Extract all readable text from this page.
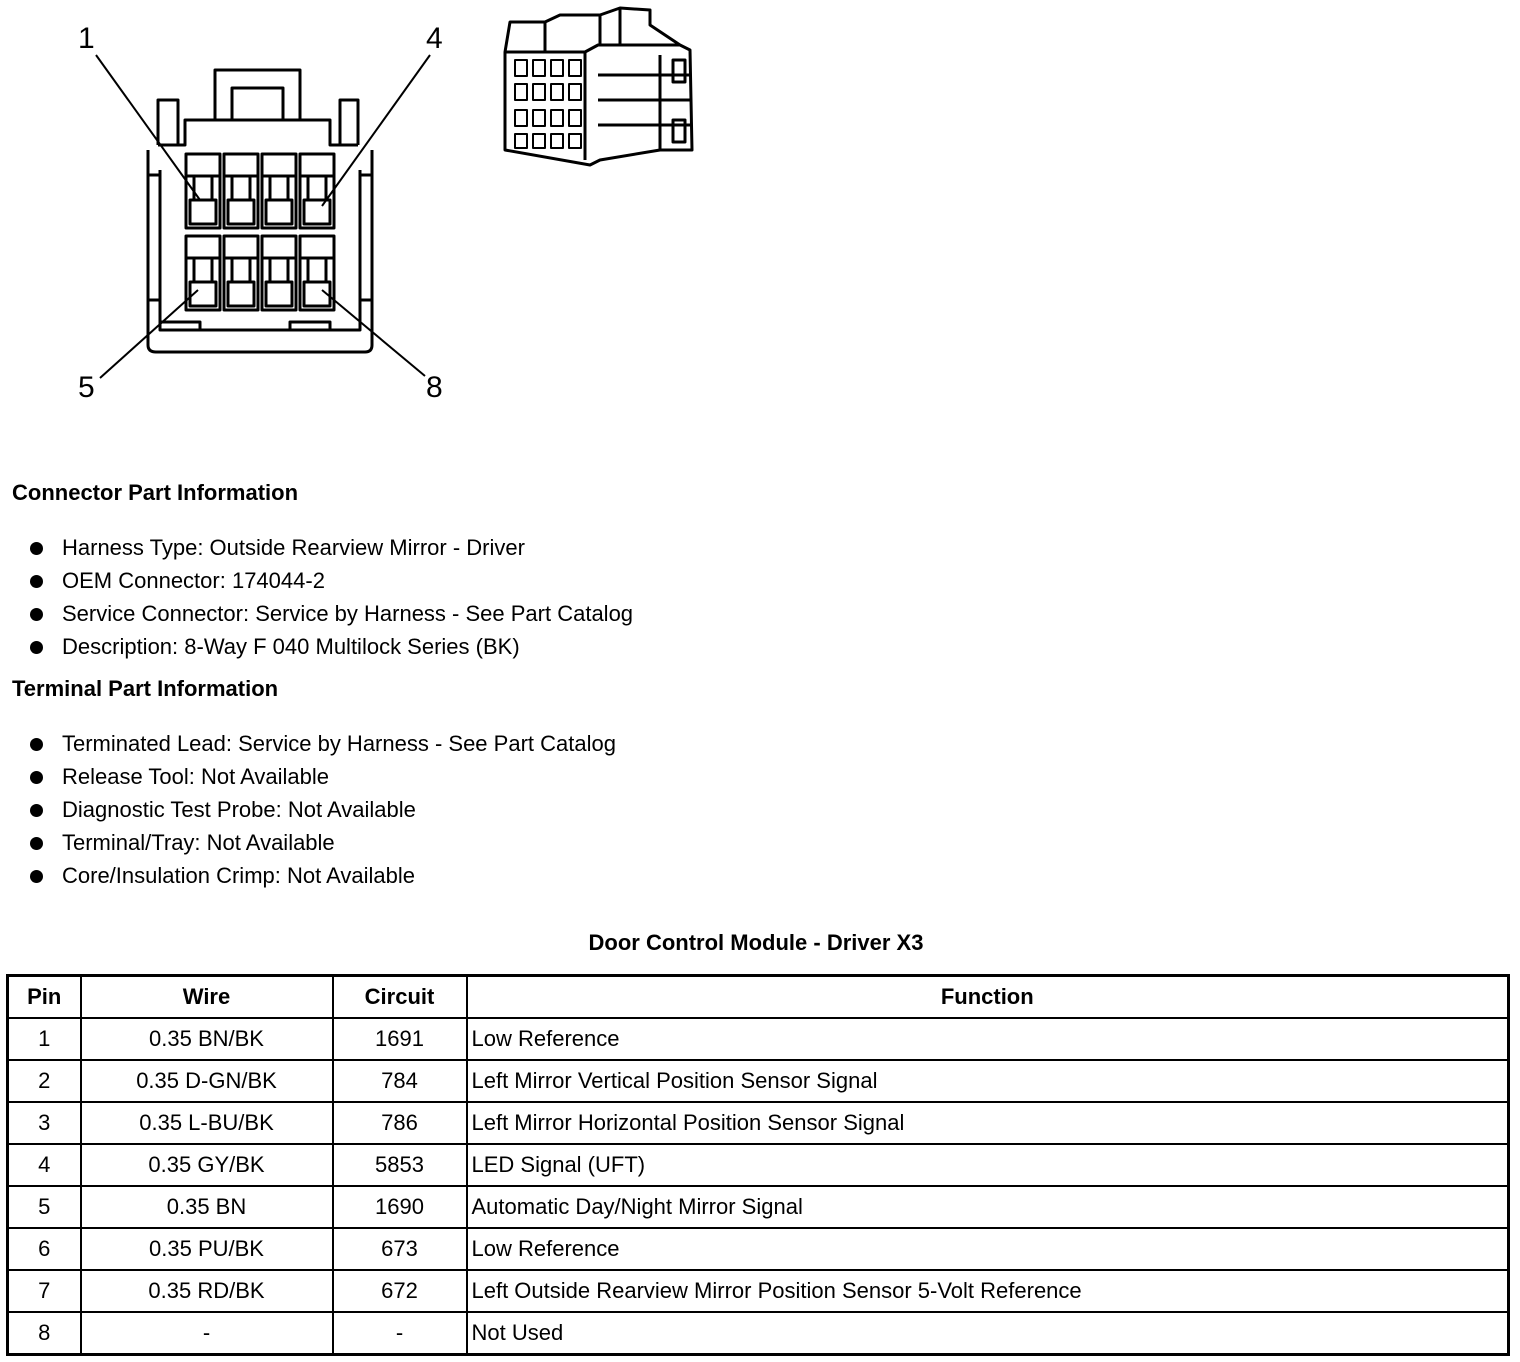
1	4
5	8
Connector Part Information
Harness Type: Outside Rearview Mirror - Driver
OEM Connector: 174044-2
Service Connector: Service by Harness - See Part Catalog
Description: 8-Way F 040 Multilock Series (BK)
Terminal Part Information
Terminated Lead: Service by Harness - See Part Catalog
Release Tool: Not Available
Diagnostic Test Probe: Not Available
Terminal/Tray: Not Available
Core/Insulation Crimp: Not Available
Door Control Module - Driver X3
Pin	Wire	Circuit	Function
1	0.35 BN/BK	1691	Low Reference
2	0.35 D-GN/BK	784	Left Mirror Vertical Position Sensor Signal
3	0.35 L-BU/BK	786	Left Mirror Horizontal Position Sensor Signal
4	0.35 GY/BK	5853	LED Signal (UFT)
5	0.35 BN	1690	Automatic Day/Night Mirror Signal
6	0.35 PU/BK	673	Low Reference
7	0.35 RD/BK	672	Left Outside Rearview Mirror Position Sensor 5-Volt Reference
8	-	-	Not Used
